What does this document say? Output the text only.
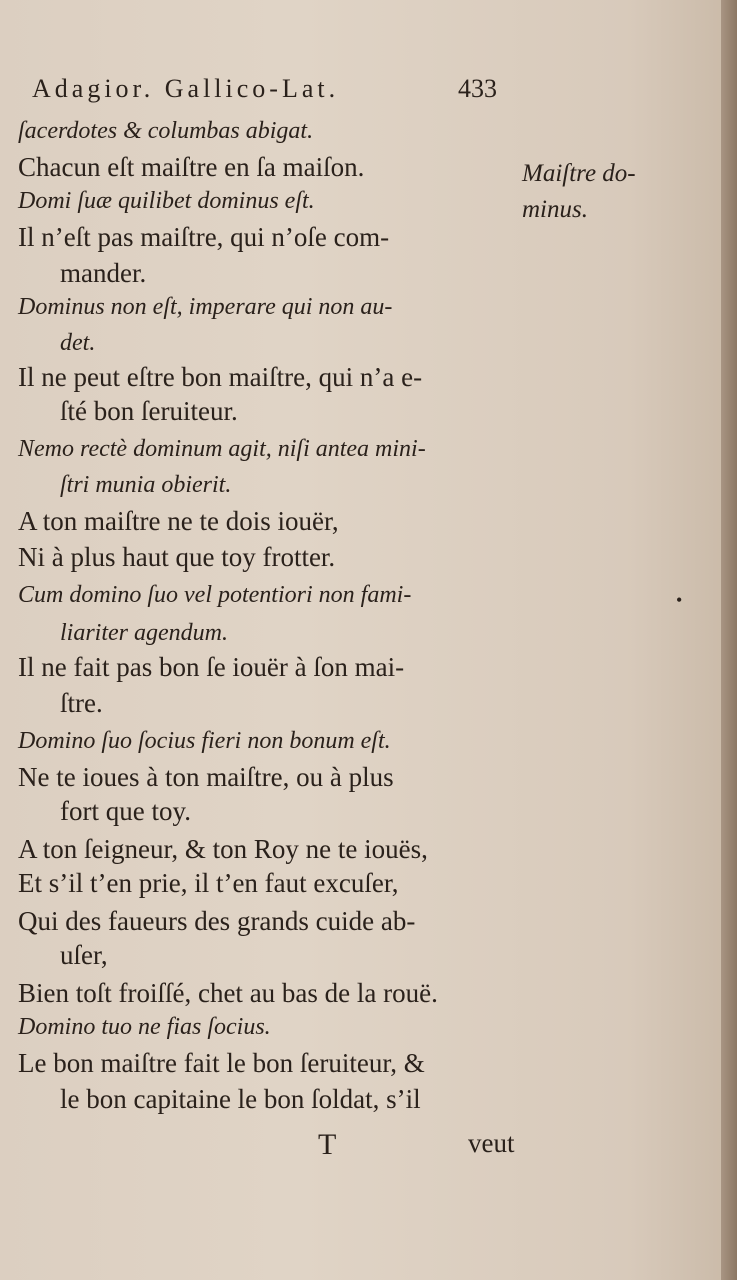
Adagior. Gallico-Lat.	433
Maiſtre do-
minus.
ſacerdotes & columbas abigat.
Chacun eſt maiſtre en ſa maiſon.
Domi ſuæ quilibet dominus eſt.
Il n’eſt pas maiſtre, qui n’oſe com-
mander.
Dominus non eſt, imperare qui non au-
det.
Il ne peut eſtre bon maiſtre, qui n’a e-
ſté bon ſeruiteur.
Nemo rectè dominum agit, niſi antea mini-
ſtri munia obierit.
A ton maiſtre ne te dois iouër,
Ni à plus haut que toy frotter.
Cum domino ſuo vel potentiori non fami-
liariter agendum.
Il ne fait pas bon ſe iouër à ſon mai-
ſtre.
Domino ſuo ſocius fieri non bonum eſt.
Ne te ioues à ton maiſtre, ou à plus
fort que toy.
A ton ſeigneur, & ton Roy ne te iouës,
Et s’il t’en prie, il t’en faut excuſer,
Qui des faueurs des grands cuide ab-
uſer,
Bien toſt froiſſé, chet au bas de la rouë.
Domino tuo ne fias ſocius.
Le bon maiſtre fait le bon ſeruiteur, &
le bon capitaine le bon ſoldat, s’il
T	veut
•
